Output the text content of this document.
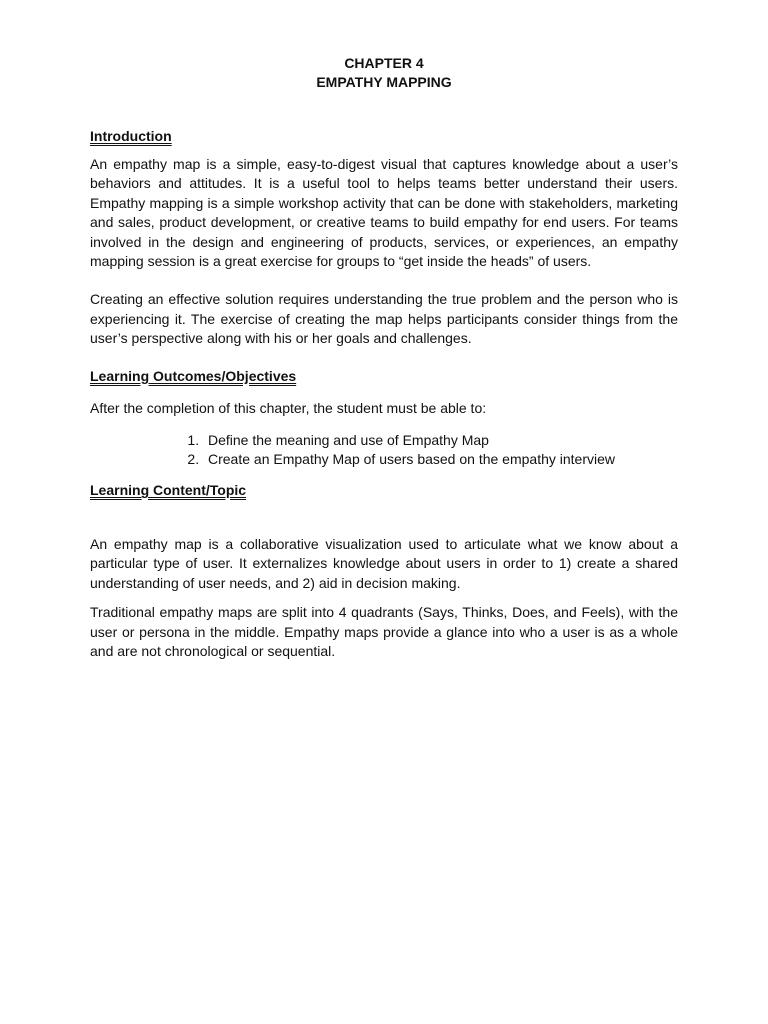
CHAPTER 4
EMPATHY MAPPING
Introduction

An empathy map is a simple, easy-to-digest visual that captures knowledge about a user’s behaviors and attitudes. It is a useful tool to helps teams better understand their users. Empathy mapping is a simple workshop activity that can be done with stakeholders, marketing and sales, product development, or creative teams to build empathy for end users. For teams involved in the design and engineering of products, services, or experiences, an empathy mapping session is a great exercise for groups to “get inside the heads” of users.

Creating an effective solution requires understanding the true problem and the person who is experiencing it. The exercise of creating the map helps participants consider things from the user’s perspective along with his or her goals and challenges.

Learning Outcomes/Objectives

After the completion of this chapter, the student must be able to:

1. Define the meaning and use of Empathy Map
2. Create an Empathy Map of users based on the empathy interview
Learning Content/Topic

An empathy map is a collaborative visualization used to articulate what we know about a particular type of user. It externalizes knowledge about users in order to 1) create a shared understanding of user needs, and 2) aid in decision making.

Traditional empathy maps are split into 4 quadrants (Says, Thinks, Does, and Feels), with the user or persona in the middle. Empathy maps provide a glance into who a user is as a whole and are not chronological or sequential.
